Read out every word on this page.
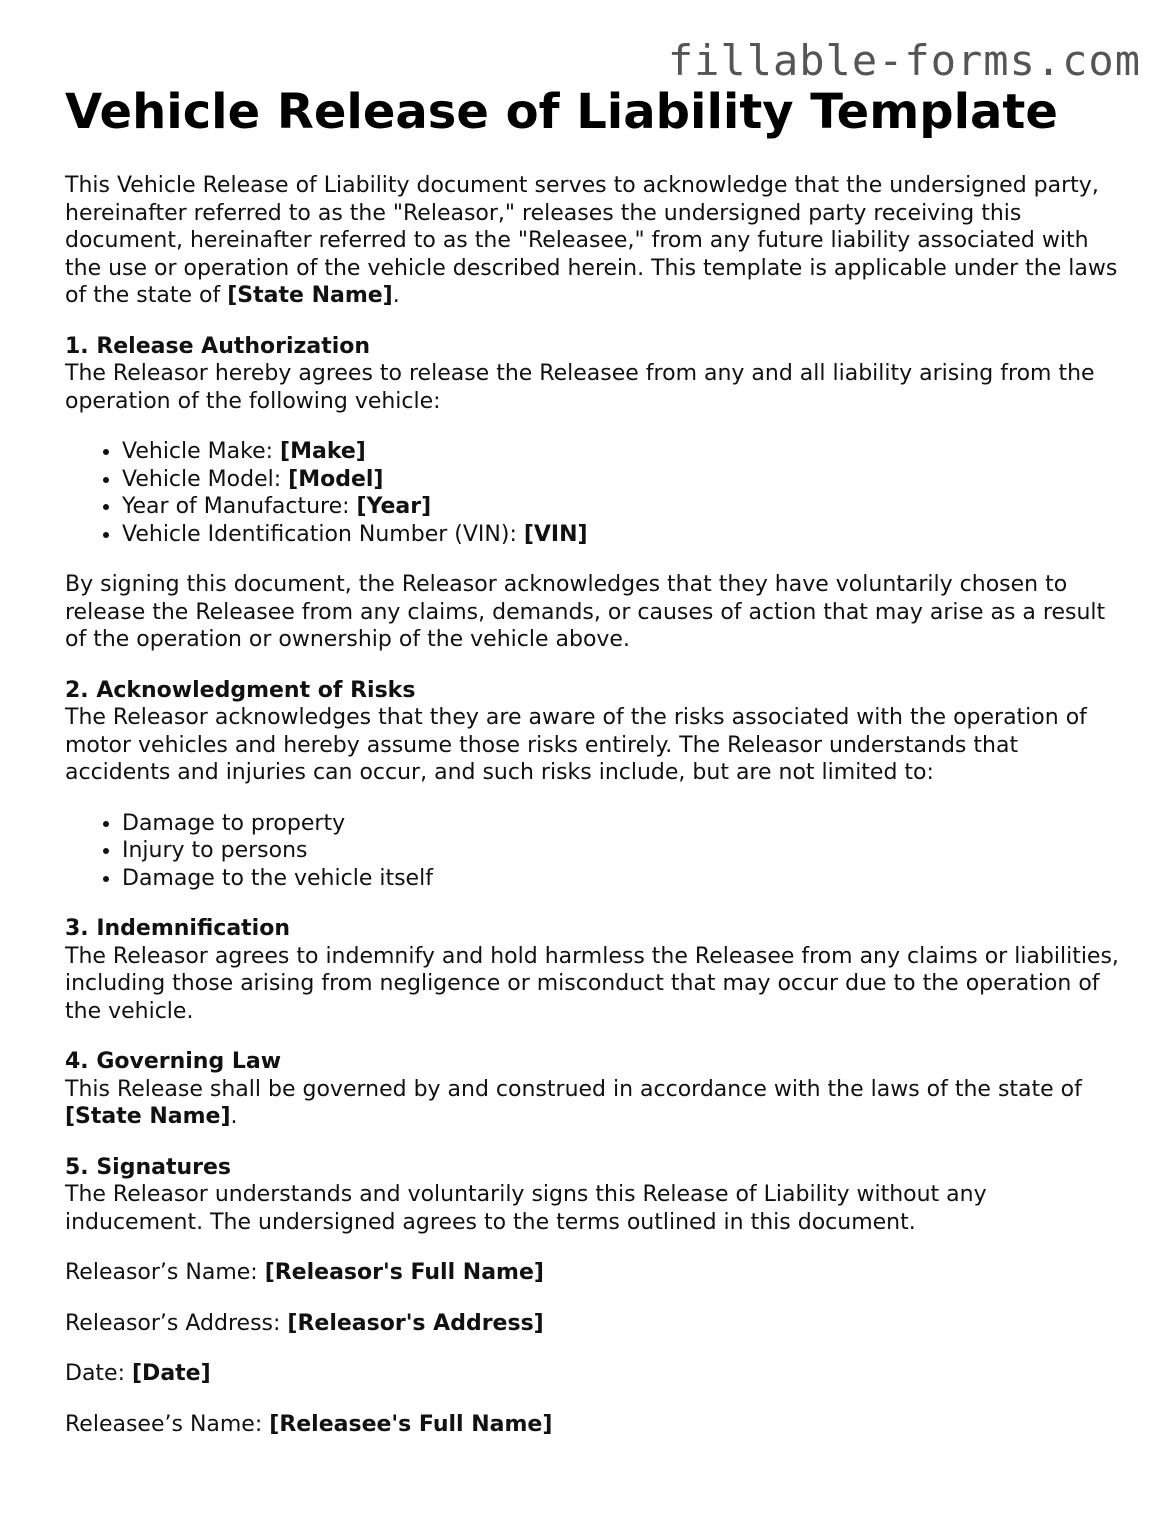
fillable-forms.com
Vehicle Release of Liability Template

This Vehicle Release of Liability document serves to acknowledge that the undersigned party, hereinafter referred to as the "Releasor," releases the undersigned party receiving this document, hereinafter referred to as the "Releasee," from any future liability associated with the use or operation of the vehicle described herein. This template is applicable under the laws of the state of [State Name].

1. Release Authorization

The Releasor hereby agrees to release the Releasee from any and all liability arising from the operation of the following vehicle:

• Vehicle Make: [Make]
• Vehicle Model: [Model]
• Year of Manufacture: [Year]
• Vehicle Identification Number (VIN): [VIN]

By signing this document, the Releasor acknowledges that they have voluntarily chosen to release the Releasee from any claims, demands, or causes of action that may arise as a result of the operation or ownership of the vehicle above.

2. Acknowledgment of Risks

The Releasor acknowledges that they are aware of the risks associated with the operation of motor vehicles and hereby assume those risks entirely. The Releasor understands that accidents and injuries can occur, and such risks include, but are not limited to:

• Damage to property
• Injury to persons
• Damage to the vehicle itself
3. Indemnification

The Releasor agrees to indemnify and hold harmless the Releasee from any claims or liabilities, including those arising from negligence or misconduct that may occur due to the operation of the vehicle.

4. Governing Law

This Release shall be governed by and construed in accordance with the laws of the state of [State Name].

5. Signatures

The Releasor understands and voluntarily signs this Release of Liability without any inducement. The undersigned agrees to the terms outlined in this document.

Releasor’s Name: [Releasor's Full Name]

Releasor’s Address: [Releasor's Address]

Date: [Date]

Releasee’s Name: [Releasee's Full Name]
